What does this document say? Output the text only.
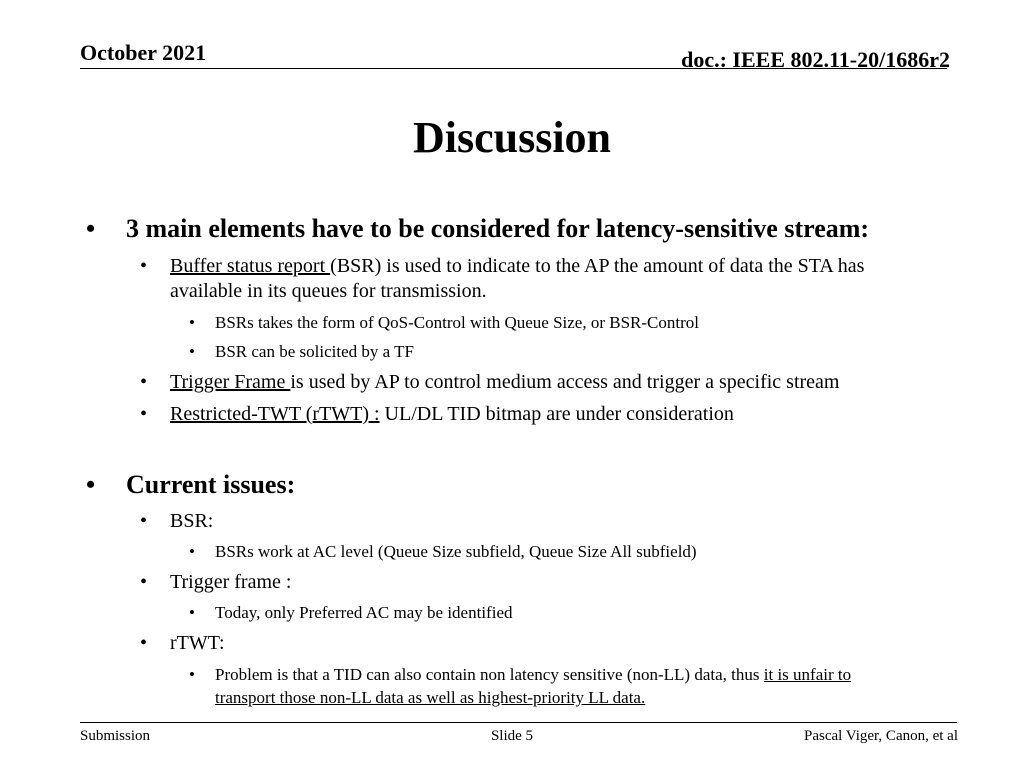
October 2021	doc.: IEEE 802.11-20/1686r2
Discussion
• 3 main elements have to be considered for latency-sensitive stream:
• Buffer status report (BSR) is used to indicate to the AP the amount of data the STA has
available in its queues for transmission.
• BSRs takes the form of QoS-Control with Queue Size, or BSR-Control
• BSR can be solicited by a TF
• Trigger Frame is used by AP to control medium access and trigger a specific stream
• Restricted-TWT (rTWT) : UL/DL TID bitmap are under consideration
• Current issues:
• BSR:
• BSRs work at AC level (Queue Size subfield, Queue Size All subfield)
• Trigger frame :
• Today, only Preferred AC may be identified
• rTWT:
• Problem is that a TID can also contain non latency sensitive (non-LL) data, thus it is unfair to
transport those non-LL data as well as highest-priority LL data.
Submission	Slide 5	Pascal Viger, Canon, et al
